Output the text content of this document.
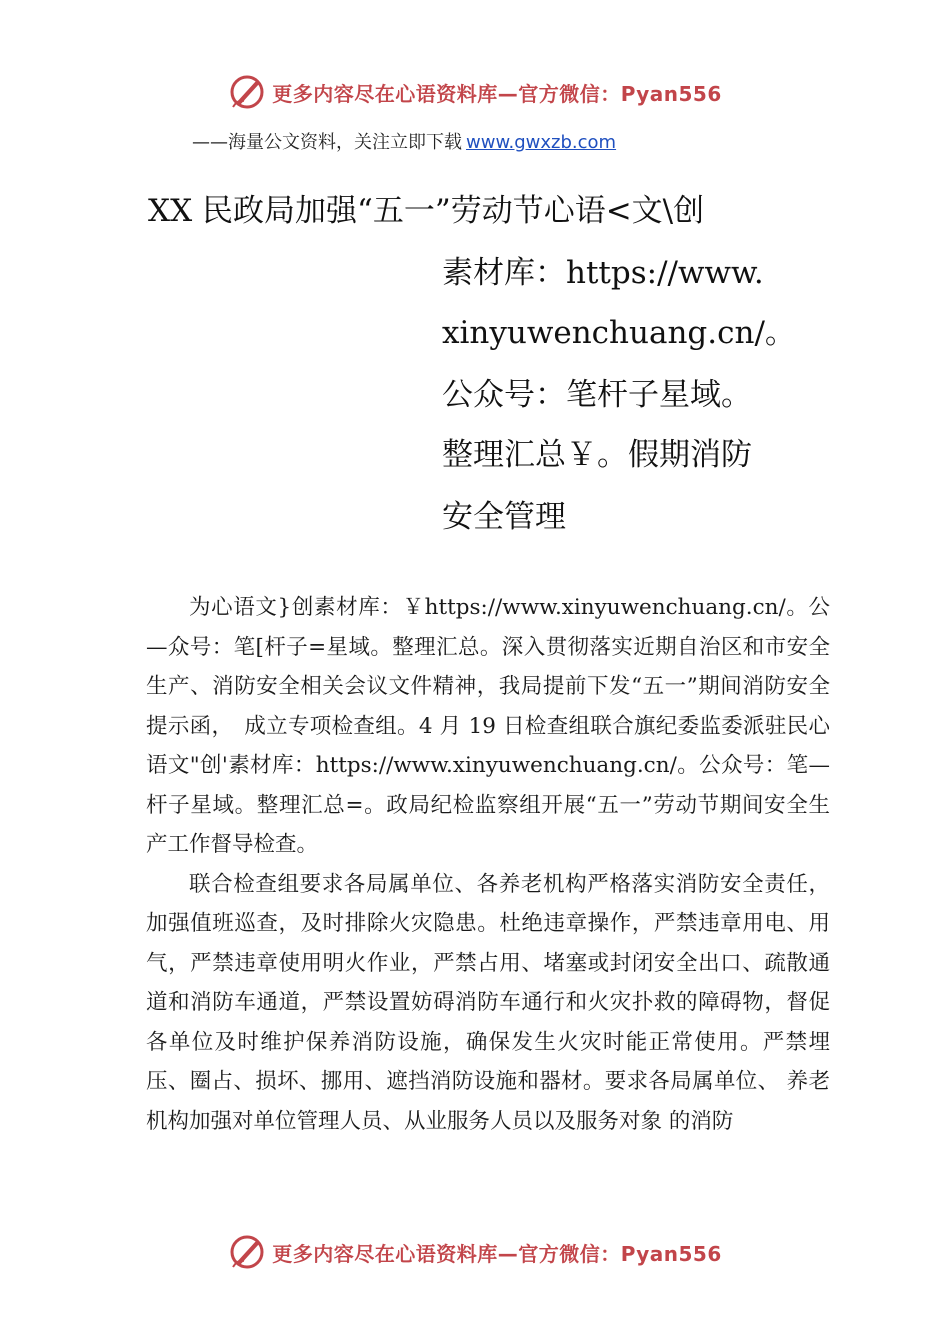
更多内容尽在心语资料库—官方微信：Pyan556
——海量公文资料，关注立即下载 www.gwxzb.com
XX 民政局加强“五一”劳动节心语<文\创
素材库：https://www.
xinyuwenchuang.cn/。
公众号：笔杆子星域。
整理汇总￥。假期消防
安全管理

为心语文}创素材库：￥https://www.xinyuwenchuang.cn/。公—众号：笔[杆子=星域。整理汇总。深入贯彻落实近期自治区和市安全生产、消防安全相关会议文件精神，我局提前下发“五一”期间消防安全提示函，　成立专项检查组。4 月 19 日检查组联合旗纪委监委派驻民心语文"创'素材库：https://www.xinyuwenchuang.cn/。公众号：笔—杆子星域。整理汇总=。政局纪检监察组开展“五一”劳动节期间安全生产工作督导检查。

联合检查组要求各局属单位、各养老机构严格落实消防安全责任，加强值班巡查，及时排除火灾隐患。杜绝违章操作，严禁违章用电、用气，严禁违章使用明火作业，严禁占用、堵塞或封闭安全出口、疏散通道和消防车通道，严禁设置妨碍消防车通行和火灾扑救的障碍物，督促各单位及时维护保养消防设施，确保发生火灾时能正常使用。严禁埋压、圈占、损坏、挪用、遮挡消防设施和器材。要求各局属单位、 养老机构加强对单位管理人员、从业服务人员以及服务对象 的消防

更多内容尽在心语资料库—官方微信：Pyan556
